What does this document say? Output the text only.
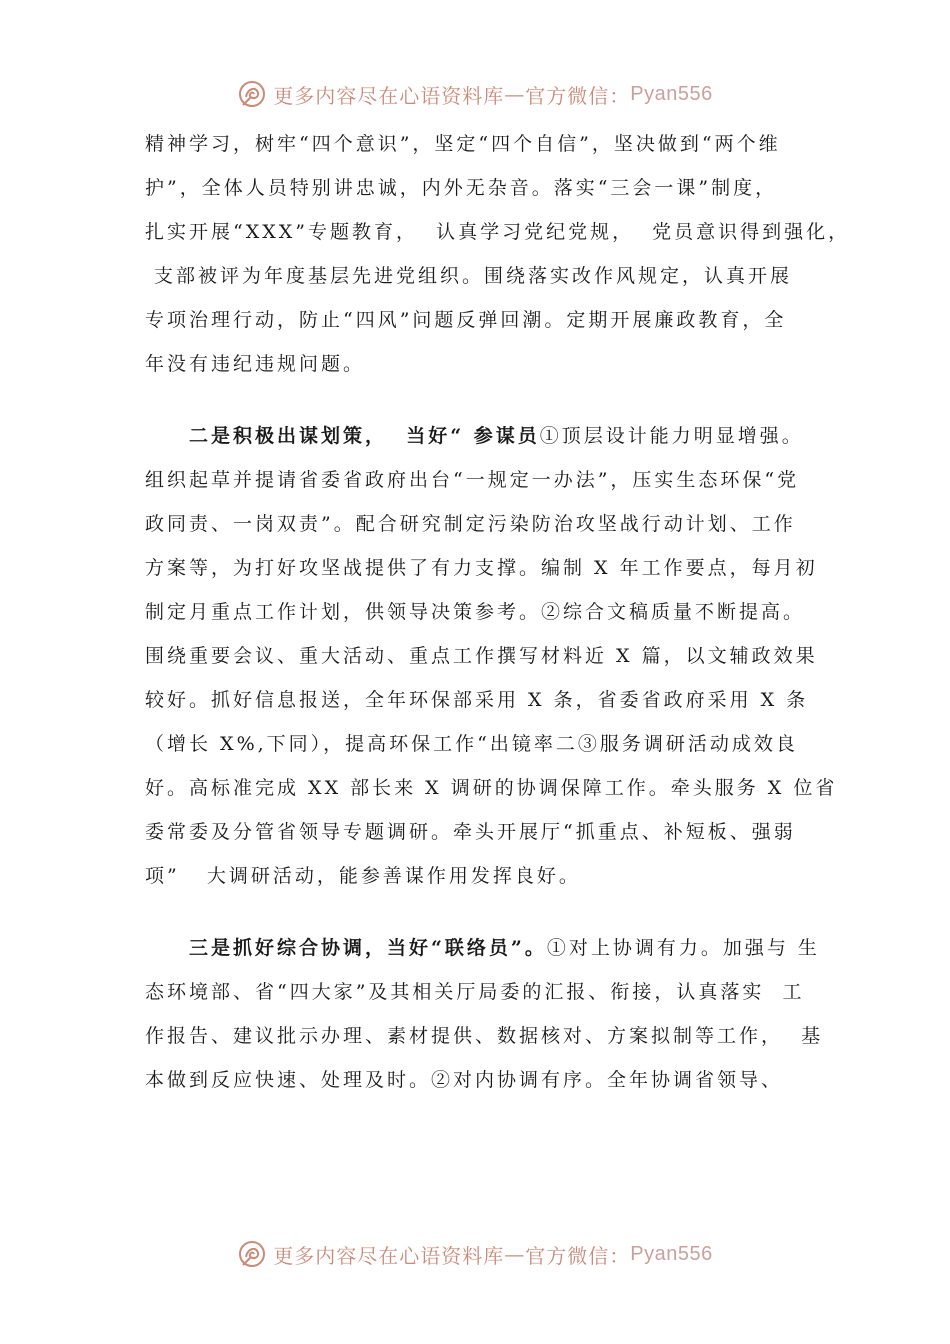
更多内容尽在心语资料库 — 官方微信： Pyan556
精神学习，树牢“四个意识”，坚定“四个自信”，坚决做到“两个维
护”，全体人员特别讲忠诚，内外无杂音。落实“三会一课”制度，
扎实开展“XXX”专题教育，  认真学习党纪党规，  党员意识得到强化，
支部被评为年度基层先进党组织。围绕落实改作风规定，认真开展
专项治理行动，防止“四风”问题反弹回潮。定期开展廉政教育，全
年没有违纪违规问题。
二是积极出谋划策，  当好“ 参谋员①顶层设计能力明显增强。
组织起草并提请省委省政府出台“一规定一办法”，压实生态环保“党
政同责、一岗双责”。配合研究制定污染防治攻坚战行动计划、工作
方案等，为打好攻坚战提供了有力支撑。编制 X 年工作要点，每月初
制定月重点工作计划，供领导决策参考。②综合文稿质量不断提高。
围绕重要会议、重大活动、重点工作撰写材料近 X 篇，以文辅政效果
较好。抓好信息报送，全年环保部采用 X 条，省委省政府采用 X 条
（增长 X%,下同），提高环保工作“出镜率二③服务调研活动成效良
好。高标准完成 XX 部长来 X 调研的协调保障工作。牵头服务 X 位省
委常委及分管省领导专题调研。牵头开展厅“抓重点、补短板、强弱
项”   大调研活动，能参善谋作用发挥良好。
三是抓好综合协调，当好“联络员”。①对上协调有力。加强与 生
态环境部、省“四大家”及其相关厅局委的汇报、衔接，认真落实  工
作报告、建议批示办理、素材提供、数据核对、方案拟制等工作，  基
本做到反应快速、处理及时。②对内协调有序。全年协调省领导、
更多内容尽在心语资料库 — 官方微信： Pyan556
